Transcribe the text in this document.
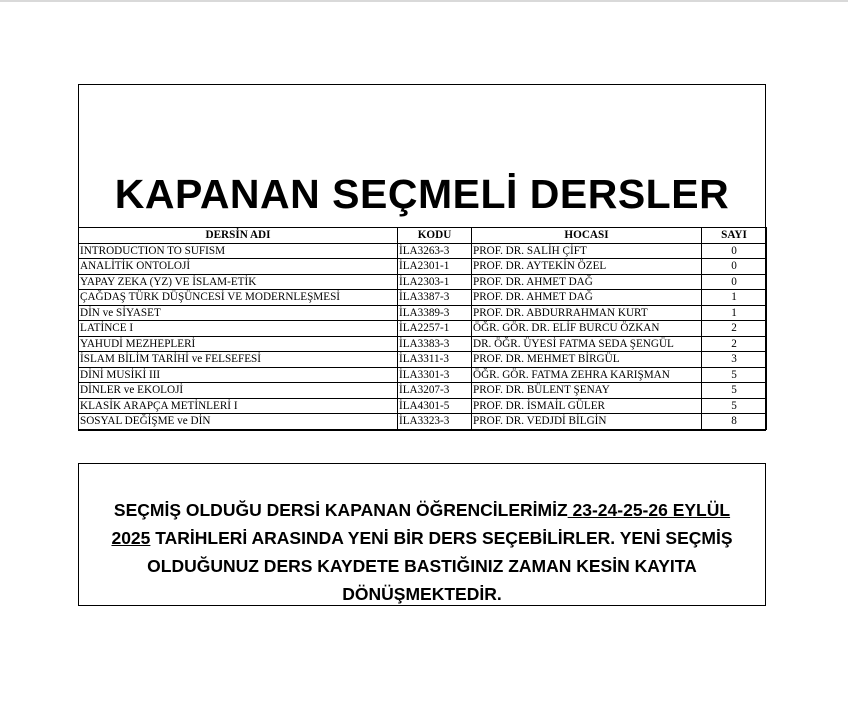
KAPANAN SEÇMELİ DERSLER
DERSİN ADI	KODU	HOCASI	SAYI
INTRODUCTION TO SUFISM	İLA3263-3	PROF. DR. SALİH ÇİFT	0
ANALİTİK ONTOLOJİ	İLA2301-1	PROF. DR. AYTEKİN ÖZEL	0
YAPAY ZEKA (YZ) VE İSLAM-ETİK	İLA2303-1	PROF. DR. AHMET DAĞ	0
ÇAĞDAŞ TÜRK DÜŞÜNCESİ VE MODERNLEŞMESİ	İLA3387-3	PROF. DR. AHMET DAĞ	1
DİN ve SİYASET	İLA3389-3	PROF. DR. ABDURRAHMAN KURT	1
LATİNCE I	İLA2257-1	ÖĞR. GÖR. DR. ELİF BURCU ÖZKAN	2
YAHUDİ MEZHEPLERİ	İLA3383-3	DR. ÖĞR. ÜYESİ FATMA SEDA ŞENGÜL	2
İSLAM BİLİM TARİHİ ve FELSEFESİ	İLA3311-3	PROF. DR. MEHMET BİRGÜL	3
DİNİ MUSİKİ III	İLA3301-3	ÖĞR. GÖR. FATMA ZEHRA KARIŞMAN	5
DİNLER ve EKOLOJİ	İLA3207-3	PROF. DR. BÜLENT ŞENAY	5
KLASİK ARAPÇA METİNLERİ I	İLA4301-5	PROF. DR. İSMAİL GÜLER	5
SOSYAL DEĞİŞME ve DİN	İLA3323-3	PROF. DR. VEDJDİ BİLGİN	8
SEÇMİŞ OLDUĞU DERSİ KAPANAN ÖĞRENCİLERİMİZ 23-24-25-26 EYLÜL 2025 TARİHLERİ ARASINDA YENİ BİR DERS SEÇEBİLİRLER. YENİ SEÇMİŞ OLDUĞUNUZ DERS KAYDETE BASTIĞINIZ ZAMAN KESİN KAYITA DÖNÜŞMEKTEDİR.
